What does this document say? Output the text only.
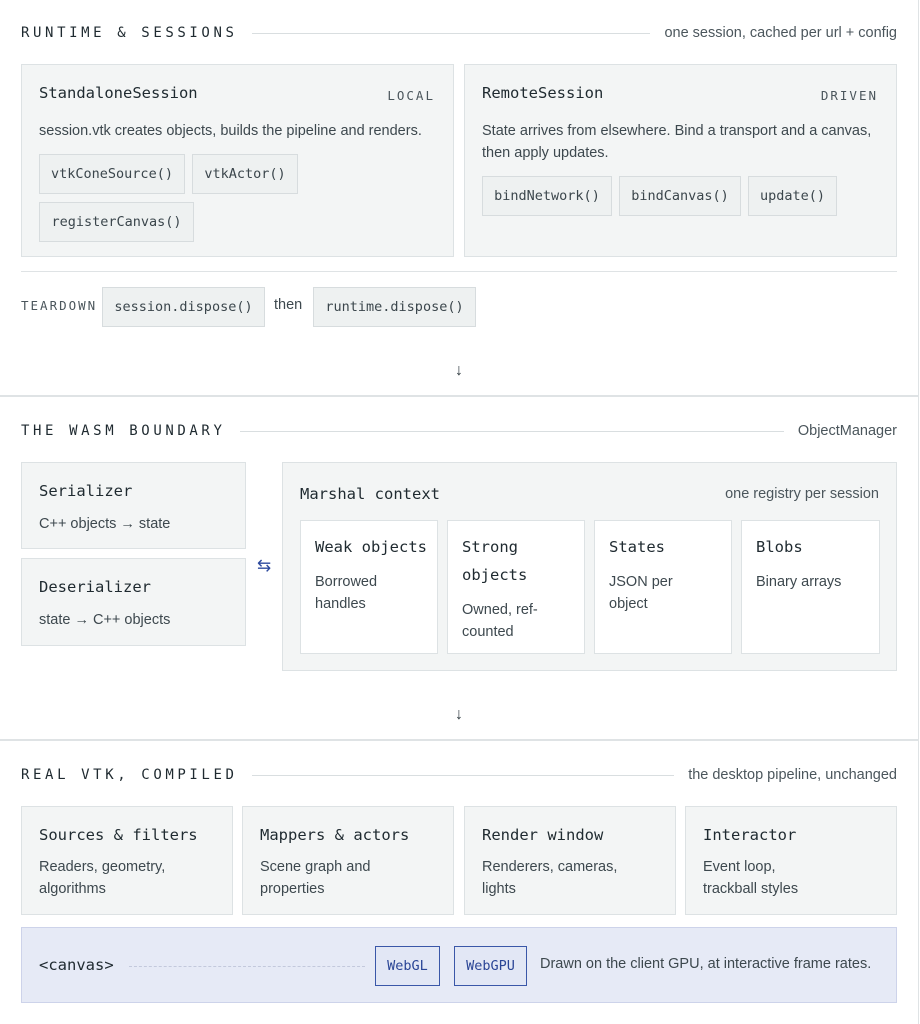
RUNTIME & SESSIONS	one session, cached per url + config
StandaloneSession	LOCAL
session.vtk creates objects, builds the pipeline and renders.
vtkConeSource()	vtkActor()
registerCanvas()
RemoteSession	DRIVEN
State arrives from elsewhere. Bind a transport and a canvas, then apply updates.
bindNetwork()	bindCanvas()	update()
TEARDOWN	session.dispose()	then	runtime.dispose()
↓
THE WASM BOUNDARY	ObjectManager
Serializer
C++ objects → state
Deserializer
state → C++ objects
⇆
Marshal context	one registry per session
Weak objects
Borrowed handles
Strong objects
Owned, ref-counted
States
JSON per object
Blobs
Binary arrays
↓
REAL VTK, COMPILED	the desktop pipeline, unchanged
Sources & filters
Readers, geometry, algorithms
Mappers & actors
Scene graph and properties
Render window
Renderers, cameras, lights
Interactor
Event loop, trackball styles
<canvas>	WebGL	WebGPU	Drawn on the client GPU, at interactive frame rates.
